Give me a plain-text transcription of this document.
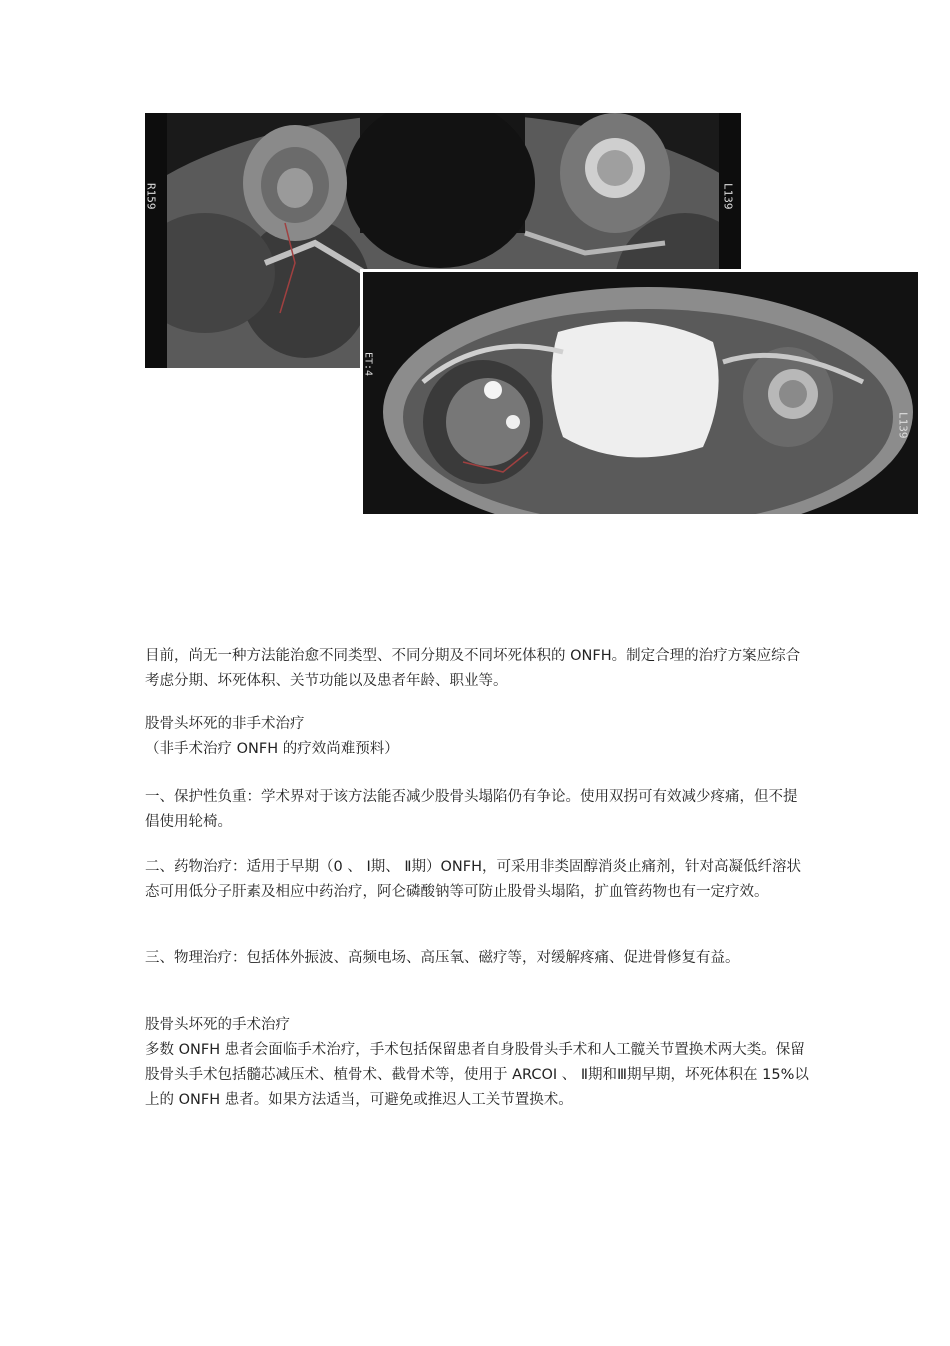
R159	L139
ET:4
L139

目前，尚无一种方法能治愈不同类型、不同分期及不同坏死体积的 ONFH。制定合理的治疗方案应综合考虑分期、坏死体积、关节功能以及患者年龄、职业等。

股骨头坏死的非手术治疗

（非手术治疗 ONFH 的疗效尚难预料）

一、保护性负重：学术界对于该方法能否减少股骨头塌陷仍有争论。使用双拐可有效减少疼痛，但不提倡使用轮椅。

二、药物治疗：适用于早期（0 、 Ⅰ期、 Ⅱ期）ONFH，可采用非类固醇消炎止痛剂，针对高凝低纤溶状态可用低分子肝素及相应中药治疗，阿仑磷酸钠等可防止股骨头塌陷，扩血管药物也有一定疗效。

三、物理治疗：包括体外振波、高频电场、高压氧、磁疗等，对缓解疼痛、促进骨修复有益。

股骨头坏死的手术治疗

多数 ONFH 患者会面临手术治疗，手术包括保留患者自身股骨头手术和人工髋关节置换术两大类。保留股骨头手术包括髓芯减压术、植骨术、截骨术等，使用于 ARCOI 、 Ⅱ期和Ⅲ期早期，坏死体积在 15%以上的 ONFH 患者。如果方法适当，可避免或推迟人工关节置换术。
